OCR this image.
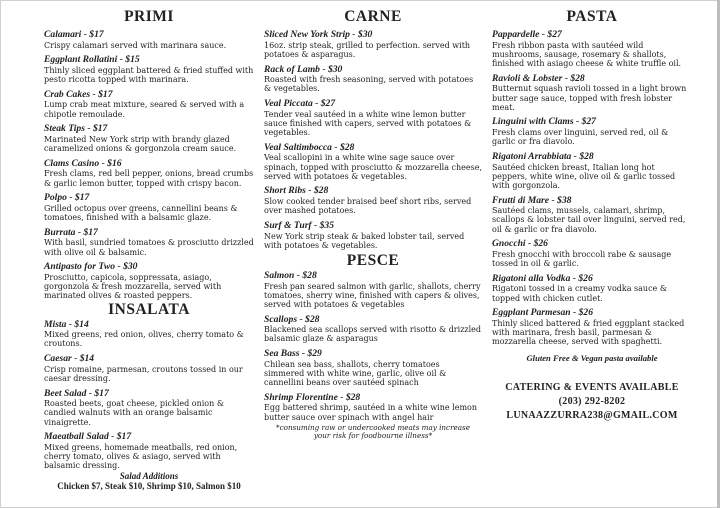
PRIMI
Calamari - $17
Crispy calamari served with marinara sauce.
Eggplant Rollatini - $15
Thinly sliced eggplant battered & fried stuffed with pesto ricotta topped with marinara.
Crab Cakes - $17
Lump crab meat mixture, seared & served with a chipotle remoulade.
Steak Tips - $17
Marinated New York strip with brandy glazed caramelized onions & gorgonzola cream sauce.
Clams Casino - $16
Fresh clams, red bell pepper, onions, bread crumbs & garlic lemon butter, topped with crispy bacon.
Polpo - $17
Grilled octopus over greens, cannellini beans & tomatoes, finished with a balsamic glaze.
Burrata - $17
With basil, sundried tomatoes & prosciutto drizzled with olive oil & balsamic.
Antipasto for Two - $30
Prosciutto, capicola, soppressata, asiago, gorgonzola & fresh mozzarella, served with marinated olives & roasted peppers.
INSALATA
Mista - $14
Mixed greens, red onion, olives, cherry tomato & croutons.
Caesar - $14
Crisp romaine, parmesan, croutons tossed in our caesar dressing.
Beet Salad - $17
Roasted beets, goat cheese, pickled onion & candied walnuts with an orange balsamic vinaigrette.
Maeatball Salad - $17
Mixed greens, homemade meatballs, red onion, cherry tomato, olives & asiago, served with balsamic dressing.
Salad Additions
Chicken $7, Steak $10, Shrimp $10, Salmon $10
CARNE
Sliced New York Strip - $30
16oz. strip steak, grilled to perfection. served with potatoes & asparagus.
Rack of Lamb - $30
Roasted with fresh seasoning, served with potatoes & vegetables.
Veal Piccata - $27
Tender veal sautéed in a white wine lemon butter sauce finished with capers, served with potatoes & vegetables.
Veal Saltimbocca - $28
Veal scallopini in a white wine sage sauce over spinach, topped with prosciutto & mozzarella cheese, served with potatoes & vegetables.
Short Ribs - $28
Slow cooked tender braised beef short ribs, served over mashed potatoes.
Surf & Turf - $35
New York strip steak & baked lobster tail, served with potatoes & vegetables.
PESCE
Salmon - $28
Fresh pan seared salmon with garlic, shallots, cherry tomatoes, sherry wine, finished with capers & olives, served with potatoes & vegetables
Scallops - $28
Blackened sea scallops served with risotto & drizzled balsamic glaze & asparagus
Sea Bass - $29
Chilean sea bass, shallots, cherry tomatoes simmered with white wine, garlic, olive oil & cannellini beans over sautéed spinach
Shrimp Florentine - $28
Egg battered shrimp, sautéed in a white wine lemon butter sauce over spinach with angel hair
*consuming raw or undercooked meats may increase
your risk for foodbourne illness*
PASTA
Pappardelle - $27
Fresh ribbon pasta with sautéed wild mushrooms, sausage, rosemary & shallots, finished with asiago cheese & white truffle oil.
Ravioli & Lobster - $28
Butternut squash ravioli tossed in a light brown butter sage sauce, topped with fresh lobster meat.
Linguini with Clams - $27
Fresh clams over linguini, served red, oil & garlic or fra diavolo.
Rigatoni Arrabbiata - $28
Sautéed chicken breast, Italian long hot peppers, white wine, olive oil & garlic tossed with gorgonzola.
Frutti di Mare - $38
Sautéed clams, mussels, calamari, shrimp, scallops & lobster tail over linguini, served red, oil & garlic or fra diavolo.
Gnocchi - $26
Fresh gnocchi with broccoli rabe & sausage tossed in oil & garlic.
Rigatoni alla Vodka - $26
Rigatoni tossed in a creamy vodka sauce & topped with chicken cutlet.
Eggplant Parmesan - $26
Thinly sliced battered & fried eggplant stacked with marinara, fresh basil, parmesan & mozzarella cheese, served with spaghetti.
Gluten Free & Vegan pasta available
CATERING & EVENTS AVAILABLE
(203) 292-8202
LUNAAZZURRA238@GMAIL.COM
